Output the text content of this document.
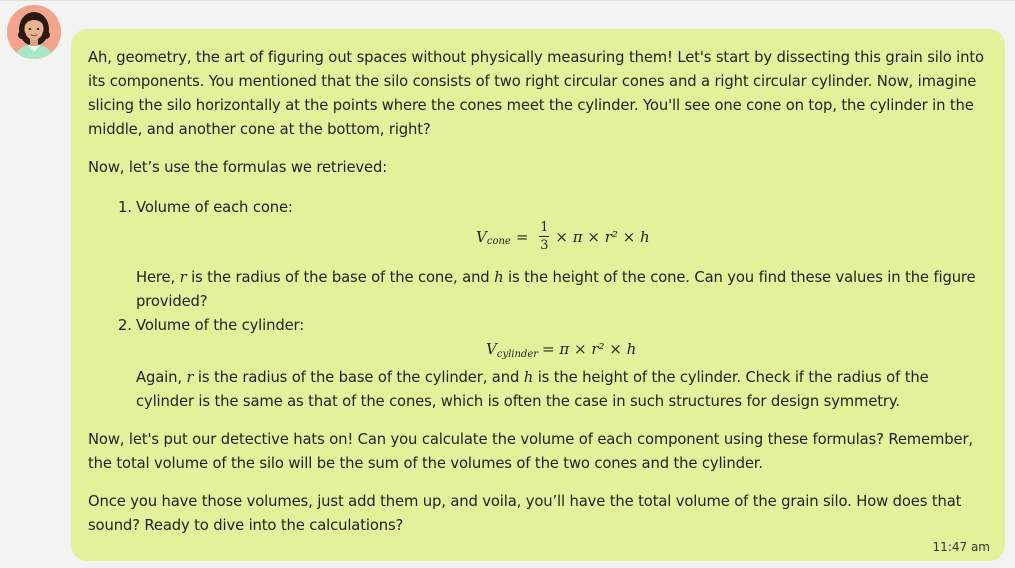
Ah, geometry, the art of figuring out spaces without physically measuring them! Let's start by dissecting this grain silo into its components. You mentioned that the silo consists of two right circular cones and a right circular cylinder. Now, imagine slicing the silo horizontally at the points where the cones meet the cylinder. You'll see one cone on top, the cylinder in the middle, and another cone at the bottom, right?

Now, let’s use the formulas we retrieved:

1. Volume of each cone:
V cone = $\frac{1}{3} \times \pi \times r^2 \times h$
Here, r is the radius of the base of the cone, and h is the height of the cone. Can you find these values in the figure provided?
2. Volume of the cylinder:
V cylinder = π × r² × h
Again, r is the radius of the base of the cylinder, and h is the height of the cylinder. Check if the radius of the cylinder is the same as that of the cones, which is often the case in such structures for design symmetry.

Now, let's put our detective hats on! Can you calculate the volume of each component using these formulas? Remember, the total volume of the silo will be the sum of the volumes of the two cones and the cylinder.

Once you have those volumes, just add them up, and voila, you’ll have the total volume of the grain silo. How does that sound? Ready to dive into the calculations?

11:47 am
